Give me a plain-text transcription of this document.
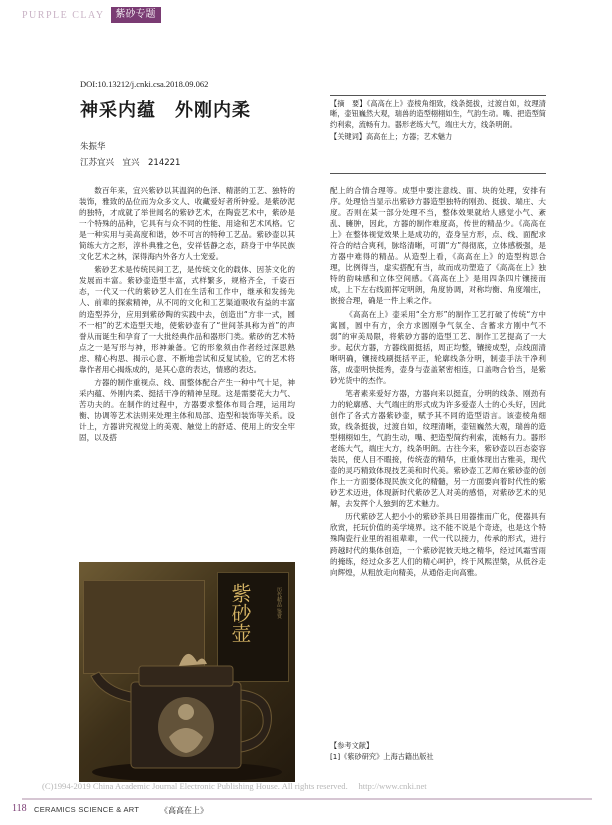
PURPLE CLAY	紫砂专题
DOI:10.13212/j.cnki.csa.2018.09.062
神采内蕴　外刚内柔
朱振华
江苏宜兴　宜兴　214221

【摘　要】《高高在上》壶棱角细致，线条挺拔，过渡自如，纹理清晰，壶钮巍然大观，瑞兽的造型栩栩如生，气韵生动。嘴、把造型简约利索，流畅有力。器形老练大气，端庄大方，线条明朗。

【关键词】高高在上；方器；艺术魅力

数百年来，宜兴紫砂以其温润的色泽、精湛的工艺、独特的装饰，雅致的品位而为众多文人、收藏爱好者所钟爱。是紫砂泥的独特，才成就了举世闻名的紫砂艺术，在陶瓷艺术中，紫砂是一个特殊的品种，它具有与众不同的性能、用途和艺术风格。它是一种实用与美高度和谐，妙不可言的特种工艺品。紫砂壶以其简练大方之形，淳朴典雅之色，安祥恬静之态，跻身于中华民族文化艺术之林，深得海内外各方人士宠爱。

紫砂艺术是传统民间工艺，是传统文化的载体、因茶文化的发展而丰富。紫砂壶造型丰富，式样繁多，规格齐全，千姿百态，一代又一代的紫砂艺人们在生活和工作中，继承和发扬先人、前辈的探索精神，从不同的文化和工艺渠道吸收有益的丰富的造型养分，应用到紫砂陶的实践中去，创造出“方非一式，圆不一相”的艺术造型天地，使紫砂壶有了“世间茶具称为首”的声誉从而诞生和孕育了一大批经典作品和器形门类。紫砂的艺术特点之一是写形与神，形神兼备。它的形象须由作者经过深思熟虑、精心构思、揭示心意、不断地尝试和反复试验，它的艺术将靠作者用心揭炼成的，是其心意的表达，情感的表达。

方器的制作重视点、线、面整体配合产生一种中气十足，神采内蕴、外刚内柔、挺括干净的精神呈现。这是需要花大力气、苦功夫的。在制作的过程中，方器要求整体布局合理，运用均衡、协调等艺术法则来处理主体和局部、造型和装饰等关系。设计上，方器讲究视觉上的美观、触觉上的舒适、使用上的安全牢固，以及搭

紫砂壶	历代精品 鉴赏

配上的合情合理等。成型中要注意线、面、块的处理，安排有序。处理恰当显示出紫砂方器造型独特的刚劲、挺拔、端庄、大度。否则在某一部分处理不当，整体效果就给人感觉小气、紊乱、臃肿，因此，方器的制作难度高，传世的精品少。《高高在上》在整体视觉效果上是成功的，壶身呈方形，点、线、面配求符合的结合爽利，脉络清晰，可谓“方”得彻底，立体感极强，是方器中难得的精品。从造型上看，《高高在上》的造型构思合理，比例得当，虚实搭配有当，故而成功塑造了《高高在上》独特的韵味感和立体空间感。《高高在上》是用四条四片镶接而成，上下左右线面挥定明朗，角度协调，对称均衡、角度端庄，嵌接合理，确是一件上乘之作。

《高高在上》壶采用“全方形”的制作工艺打破了传统“方中寓圆，圆中有方，余方求圆刚争气氛全、含蓄求方刚中气不弱”的审美局限，将紫砂方器的造型工艺、制作工艺提高了一大步。起伏方器，方器线面挺括，周正均整，镶接成型，点线面清晰明确，镶接线刷挺括平正，轮廓线条分明，制壶手法干净利落，成壶明快挺秀，壶身与壶盖紧密相连，口盖吻合恰当，是紫砂光货中的杰作。

笔者素来爱好方器，方器向来以挺直，分明的线条、刚劲有力的轮廓感、大气端庄的形式成为许多爱壶人士的心头好，因此创作了各式方器紫砂壶，赋予其不同的造型语言。该壶棱角细致，线条挺拔，过渡自如，纹理清晰，壶钮巍然大观，瑞兽的造型栩栩如生，气韵生动，嘴、把造型简约利索，流畅有力。器形老练大气，端庄大方，线条明朗。古往今来，紫砂壶以百态姿容装民，使人目不暇接，传统壶的精华，庄重体现出古雅美，现代壶的灵巧精致体现技艺美和时代美。紫砂壶工艺师在紫砂壶的创作上一方面要体现民族文化的精髓，另一方面要向着时代性的紫砂艺术迈进，体现新时代紫砂艺人对美的感悟，对紫砂艺术的见解，去发挥个人独到的艺术魅力。

历代紫砂艺人把小小的紫砂茶具日用器推而广化，使器具有欣赏，托玩价值的美学境界。这不能不说是个奇迹，也是这个特殊陶瓷行业里的祖祖辈辈，一代一代以接力，传承的形式，进行跨越时代的集体创造，一个紫砂泥彼天地之精华，经过风霜雪雨的掩练，经过众多艺人们的精心呵护，终于风熙涅槃，从低谷走向辉煌，从粗放走向精美，从通俗走向高雅。

【参考文献】
[1]《紫砂研究》上海古籍出版社
(C)1994-2019 China Academic Journal Electronic Publishing House. All rights reserved.　 http://www.cnki.net
118 CERAMICS SCIENCE & ART	《高高在上》
